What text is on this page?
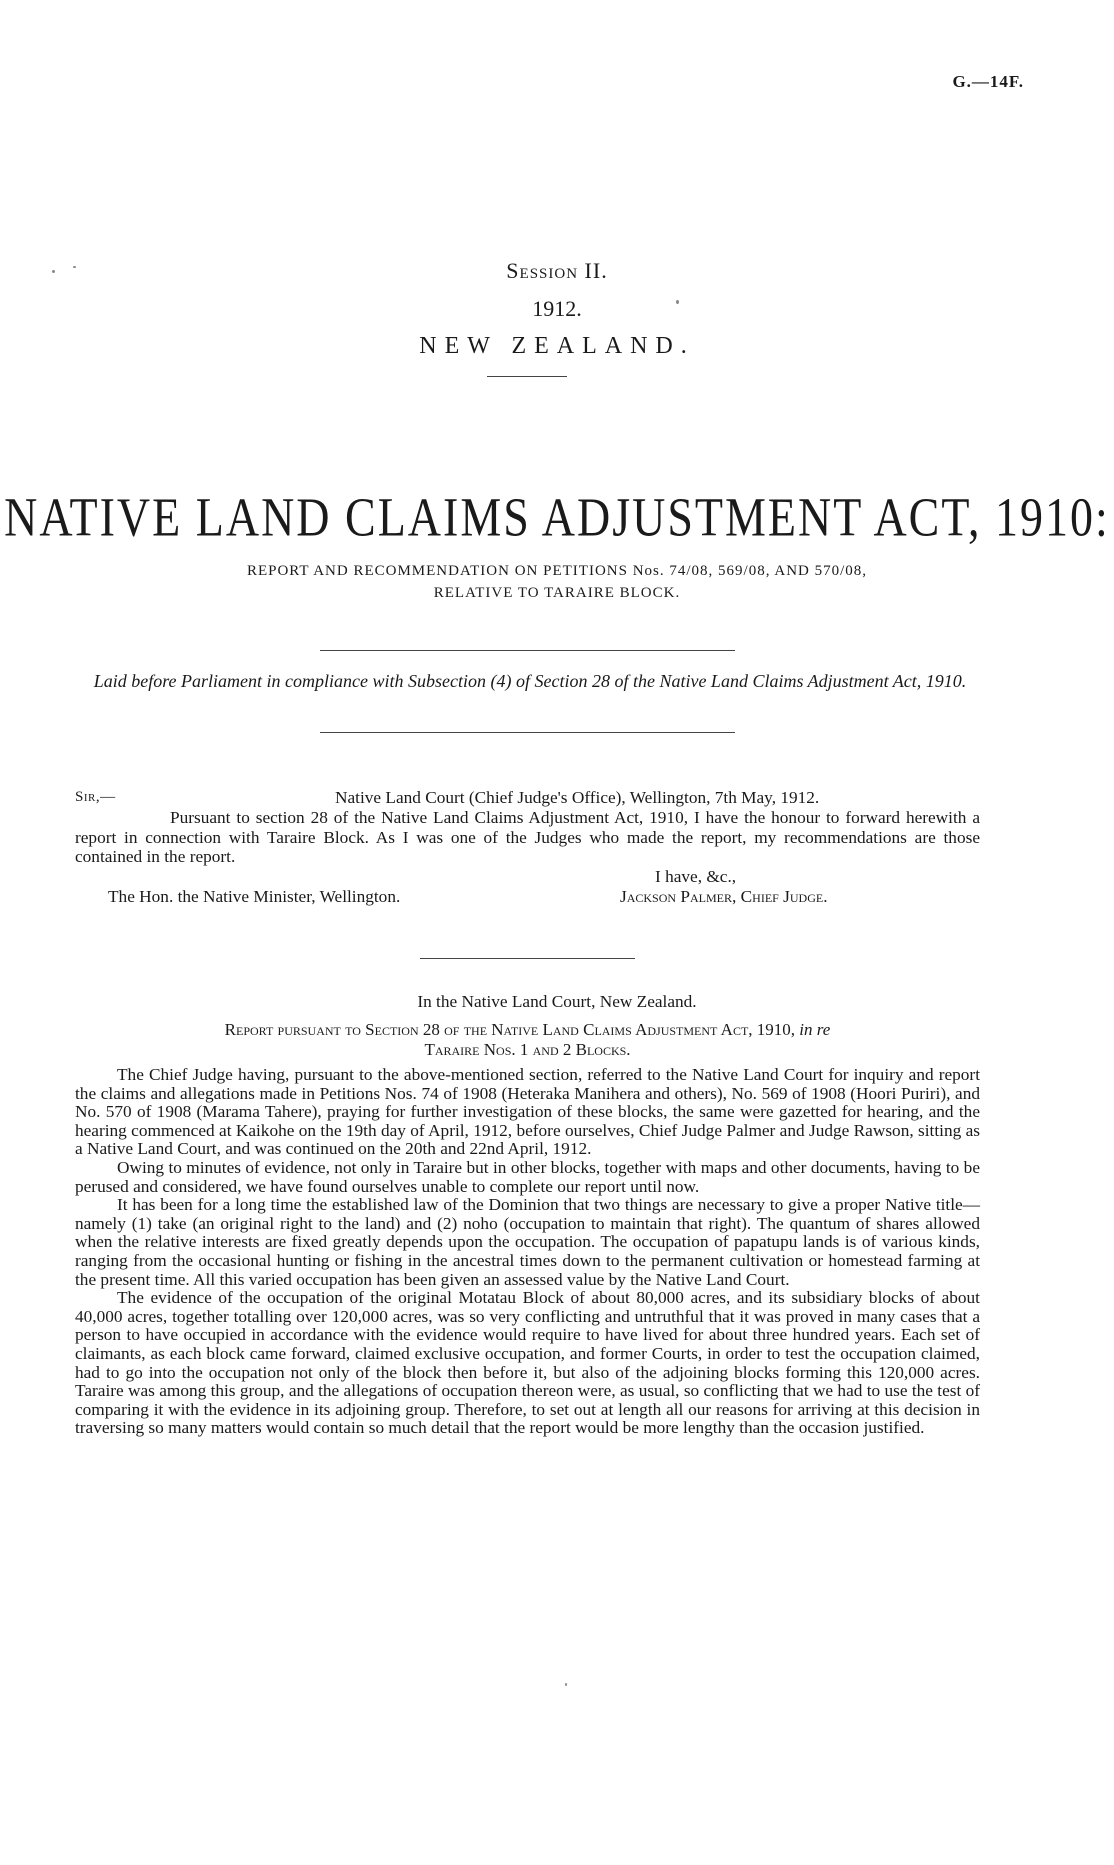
G.—14F.
Session II.
1912.
NEW ZEALAND.
NATIVE LAND CLAIMS ADJUSTMENT ACT, 1910:
REPORT AND RECOMMENDATION ON PETITIONS Nos. 74/08, 569/08, AND 570/08,
RELATIVE TO TARAIRE BLOCK.
Laid before Parliament in compliance with Subsection (4) of Section 28 of the Native Land Claims Adjustment Act, 1910.
Sir,—	Native Land Court (Chief Judge's Office), Wellington, 7th May, 1912.

Pursuant to section 28 of the Native Land Claims Adjustment Act, 1910, I have the honour to forward herewith a report in connection with Taraire Block. As I was one of the Judges who made the report, my recommendations are those contained in the report.

I have, &c.,
The Hon. the Native Minister, Wellington.	Jackson Palmer, Chief Judge.
In the Native Land Court, New Zealand.
Report pursuant to Section 28 of the Native Land Claims Adjustment Act, 1910, in re
Taraire Nos. 1 and 2 Blocks.

The Chief Judge having, pursuant to the above-mentioned section, referred to the Native Land Court for inquiry and report the claims and allegations made in Petitions Nos. 74 of 1908 (Heteraka Manihera and others), No. 569 of 1908 (Hoori Puriri), and No. 570 of 1908 (Marama Tahere), praying for further investigation of these blocks, the same were gazetted for hearing, and the hearing commenced at Kaikohe on the 19th day of April, 1912, before ourselves, Chief Judge Palmer and Judge Rawson, sitting as a Native Land Court, and was continued on the 20th and 22nd April, 1912.

Owing to minutes of evidence, not only in Taraire but in other blocks, together with maps and other documents, having to be perused and considered, we have found ourselves unable to complete our report until now.

It has been for a long time the established law of the Dominion that two things are necessary to give a proper Native title—namely (1) take (an original right to the land) and (2) noho (occupation to maintain that right). The quantum of shares allowed when the relative interests are fixed greatly depends upon the occupation. The occupation of papatupu lands is of various kinds, ranging from the occasional hunting or fishing in the ancestral times down to the permanent cultivation or homestead farming at the present time. All this varied occupation has been given an assessed value by the Native Land Court.

The evidence of the occupation of the original Motatau Block of about 80,000 acres, and its subsidiary blocks of about 40,000 acres, together totalling over 120,000 acres, was so very conflicting and untruthful that it was proved in many cases that a person to have occupied in accordance with the evidence would require to have lived for about three hundred years. Each set of claimants, as each block came forward, claimed exclusive occupation, and former Courts, in order to test the occupation claimed, had to go into the occupation not only of the block then before it, but also of the adjoining blocks forming this 120,000 acres. Taraire was among this group, and the allegations of occupation thereon were, as usual, so conflicting that we had to use the test of comparing it with the evidence in its adjoining group. Therefore, to set out at length all our reasons for arriving at this decision in traversing so many matters would contain so much detail that the report would be more lengthy than the occasion justified.
